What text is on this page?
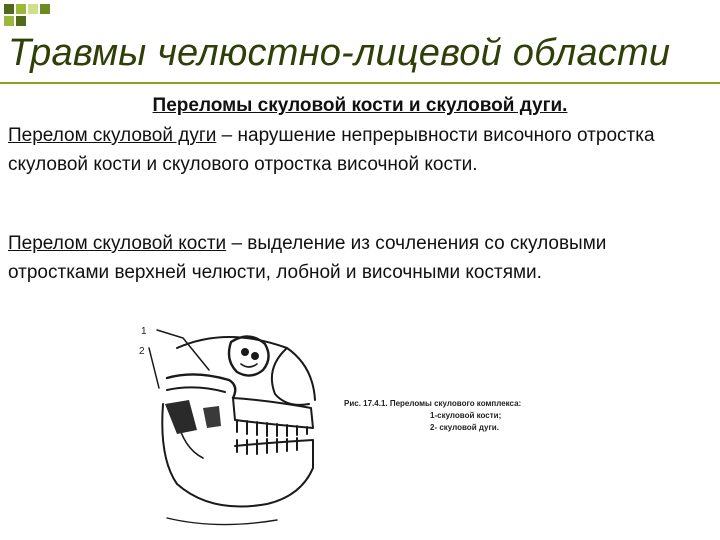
Травмы челюстно-лицевой области
Переломы скуловой кости и скуловой дуги.

Перелом скуловой дуги – нарушение непрерывности височного отростка скуловой кости и скулового отростка височной кости.

Перелом скуловой кости – выделение из сочленения со скуловыми отростками верхней челюсти, лобной и височными костями.

1
2
Рис. 17.4.1. Переломы скулового комплекса:
1-скуловой кости;
2- скуловой дуги.
